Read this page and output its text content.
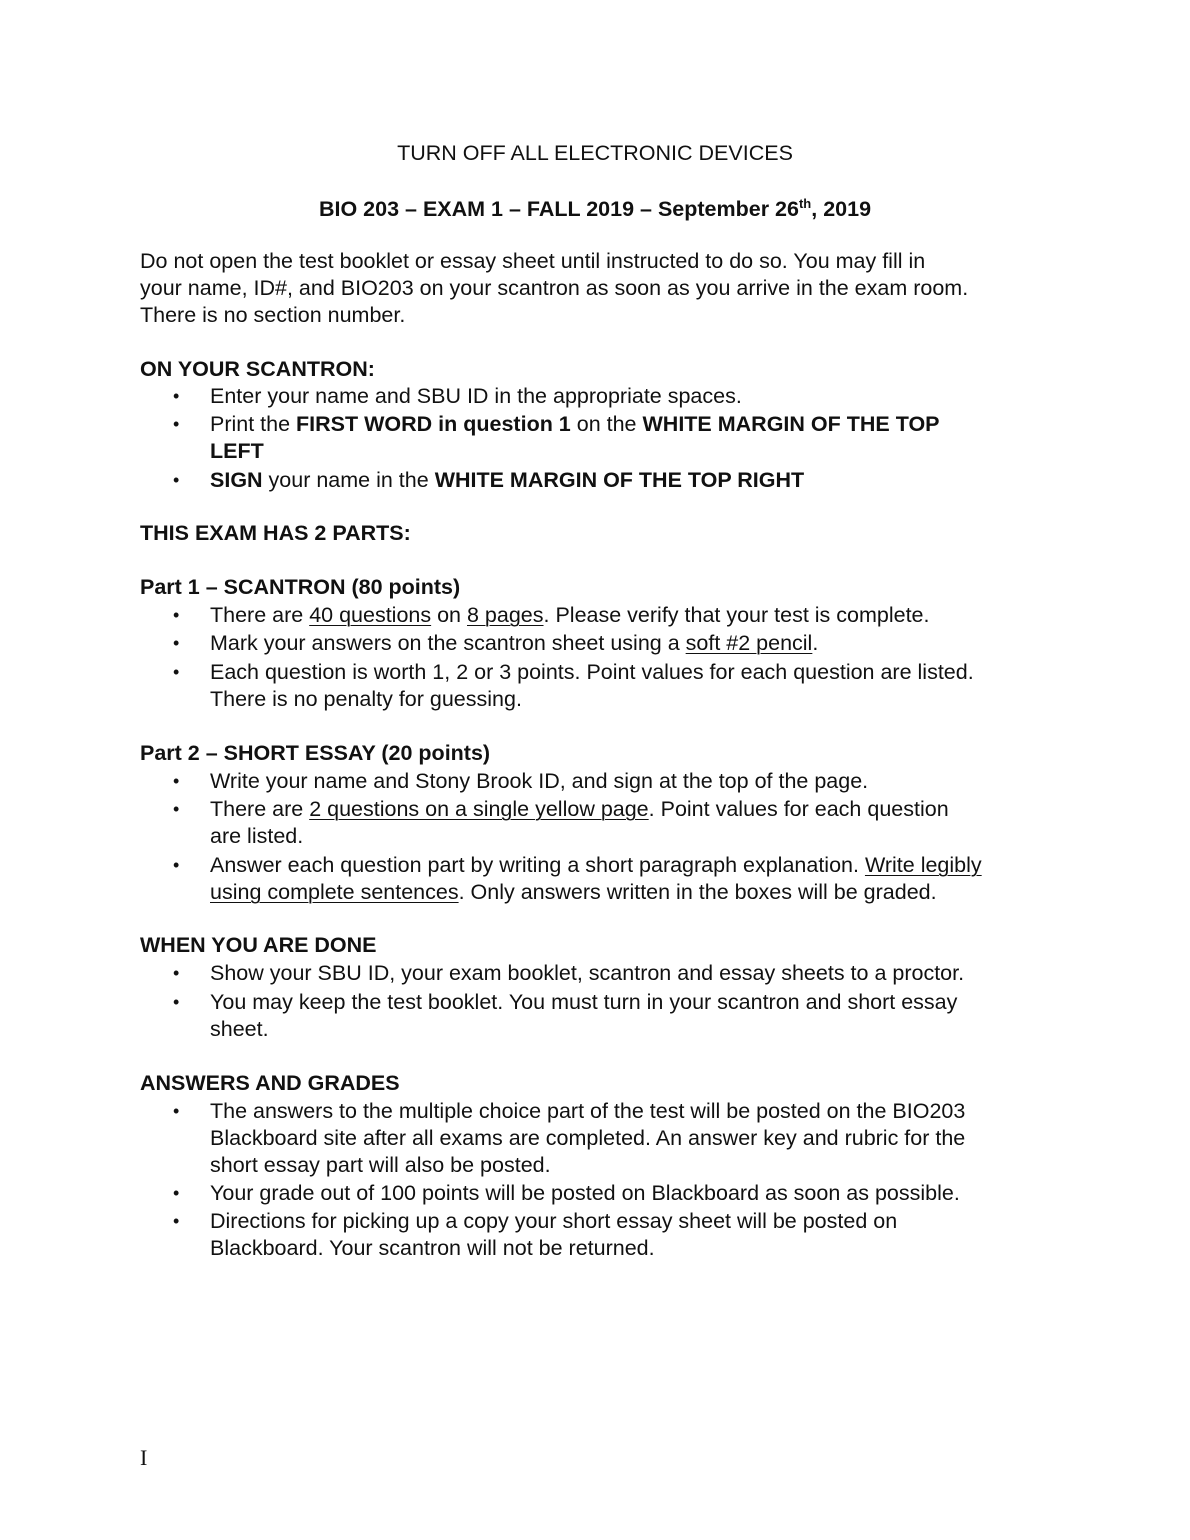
TURN OFF ALL ELECTRONIC DEVICES
BIO 203 – EXAM 1 – FALL 2019 – September 26th, 2019
Do not open the test booklet or essay sheet until instructed to do so. You may fill in
your name, ID#, and BIO203 on your scantron as soon as you arrive in the exam room.
There is no section number.
ON YOUR SCANTRON:
• Enter your name and SBU ID in the appropriate spaces.
• Print the FIRST WORD in question 1 on the WHITE MARGIN OF THE TOP
LEFT
• SIGN your name in the WHITE MARGIN OF THE TOP RIGHT
THIS EXAM HAS 2 PARTS:
Part 1 – SCANTRON (80 points)
• There are 40 questions on 8 pages. Please verify that your test is complete.
• Mark your answers on the scantron sheet using a soft #2 pencil.
• Each question is worth 1, 2 or 3 points. Point values for each question are listed.
There is no penalty for guessing.
Part 2 – SHORT ESSAY (20 points)
• Write your name and Stony Brook ID, and sign at the top of the page.
• There are 2 questions on a single yellow page. Point values for each question
are listed.
• Answer each question part by writing a short paragraph explanation. Write legibly
using complete sentences. Only answers written in the boxes will be graded.
WHEN YOU ARE DONE
• Show your SBU ID, your exam booklet, scantron and essay sheets to a proctor.
• You may keep the test booklet. You must turn in your scantron and short essay
sheet.
ANSWERS AND GRADES
• The answers to the multiple choice part of the test will be posted on the BIO203
Blackboard site after all exams are completed. An answer key and rubric for the
short essay part will also be posted.
• Your grade out of 100 points will be posted on Blackboard as soon as possible.
• Directions for picking up a copy your short essay sheet will be posted on
Blackboard. Your scantron will not be returned.
I
